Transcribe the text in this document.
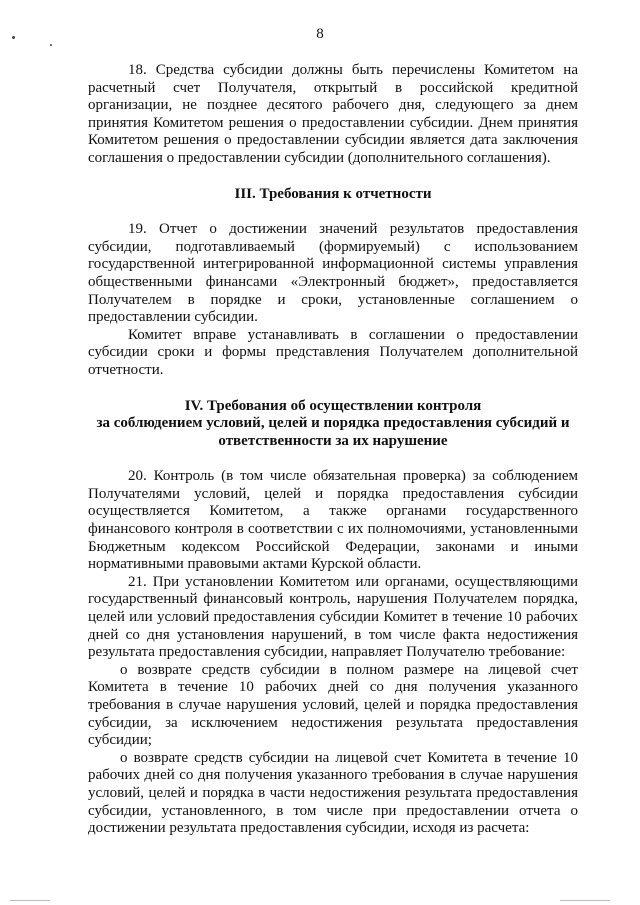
8

18. Средства субсидии должны быть перечислены Комитетом на расчетный счет Получателя, открытый в российской кредитной организации, не позднее десятого рабочего дня, следующего за днем принятия Комитетом решения о предоставлении субсидии. Днем принятия Комитетом решения о предоставлении субсидии является дата заключения соглашения о предоставлении субсидии (дополнительного соглашения).

III. Требования к отчетности

19. Отчет о достижении значений результатов предоставления субсидии, подготавливаемый (формируемый) с использованием государственной интегрированной информационной системы управления общественными финансами «Электронный бюджет», предоставляется Получателем в порядке и сроки, установленные соглашением о предоставлении субсидии.

Комитет вправе устанавливать в соглашении о предоставлении субсидии сроки и формы представления Получателем дополнительной отчетности.

IV. Требования об осуществлении контроля

за соблюдением условий, целей и порядка предоставления субсидий и

ответственности за их нарушение

20. Контроль (в том числе обязательная проверка) за соблюдением Получателями условий, целей и порядка предоставления субсидии осуществляется Комитетом, а также органами государственного финансового контроля в соответствии с их полномочиями, установленными Бюджетным кодексом Российской Федерации, законами и иными нормативными правовыми актами Курской области.

21. При установлении Комитетом или органами, осуществляющими государственный финансовый контроль, нарушения Получателем порядка, целей или условий предоставления субсидии Комитет в течение 10 рабочих дней со дня установления нарушений, в том числе факта недостижения результата предоставления субсидии, направляет Получателю требование:

о возврате средств субсидии в полном размере на лицевой счет Комитета в течение 10 рабочих дней со дня получения указанного требования в случае нарушения условий, целей и порядка предоставления субсидии, за исключением недостижения результата предоставления субсидии;

о возврате средств субсидии на лицевой счет Комитета в течение 10 рабочих дней со дня получения указанного требования в случае нарушения условий, целей и порядка в части недостижения результата предоставления субсидии, установленного, в том числе при предоставлении отчета о достижении результата предоставления субсидии, исходя из расчета:
